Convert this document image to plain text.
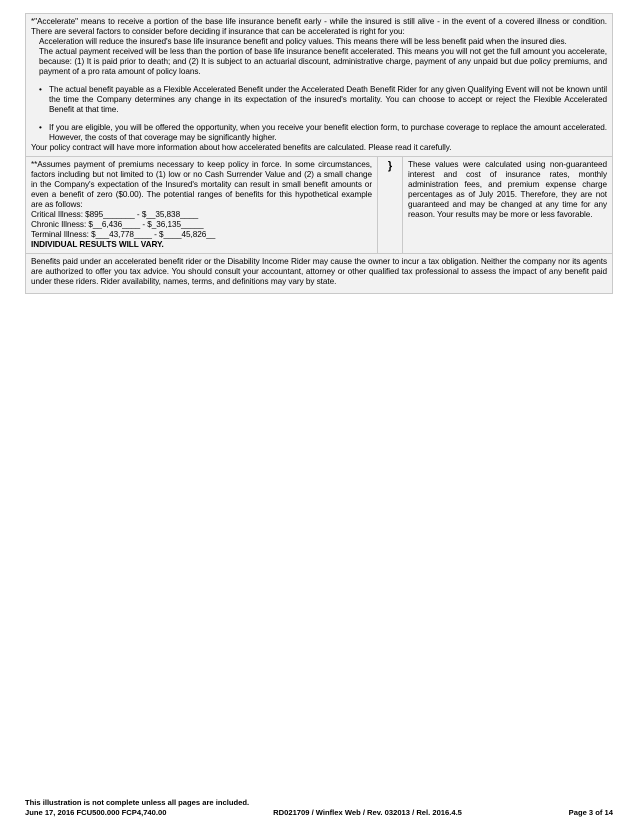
*"Accelerate" means to receive a portion of the base life insurance benefit early - while the insured is still alive - in the event of a covered illness or condition. There are several factors to consider before deciding if insurance that can be accelerated is right for you:
Acceleration will reduce the insured's base life insurance benefit and policy values. This means there will be less benefit paid when the insured dies.
The actual payment received will be less than the portion of base life insurance benefit accelerated. This means you will not get the full amount you accelerate, because: (1) It is paid prior to death; and (2) It is subject to an actuarial discount, administrative charge, payment of any unpaid but due policy premiums, and payment of a pro rata amount of policy loans.
• The actual benefit payable as a Flexible Accelerated Benefit under the Accelerated Death Benefit Rider for any given Qualifying Event will not be known until the time the Company determines any change in its expectation of the insured's mortality. You can choose to accept or reject the Flexible Accelerated Benefit at that time.
• If you are eligible, you will be offered the opportunity, when you receive your benefit election form, to purchase coverage to replace the amount accelerated. However, the costs of that coverage may be significantly higher.
Your policy contract will have more information about how accelerated benefits are calculated. Please read it carefully.
**Assumes payment of premiums necessary to keep policy in force. In some circumstances, factors including but not limited to (1) low or no Cash Surrender Value and (2) a small change in the Company's expectation of the Insured's mortality can result in small benefit amounts or even a benefit of zero ($0.00). The potential ranges of benefits for this hypothetical example are as follows:
Critical Illness: $895_______ - $__35,838____
Chronic Illness: $__6,436____ - $_36,135_____
Terminal Illness: $___43,778____ - $____45,826__
INDIVIDUAL RESULTS WILL VARY.
}	These values were calculated using non-guaranteed interest and cost of insurance rates, monthly administration fees, and premium expense charge percentages as of July 2015. Therefore, they are not guaranteed and may be changed at any time for any reason. Your results may be more or less favorable.
Benefits paid under an accelerated benefit rider or the Disability Income Rider may cause the owner to incur a tax obligation. Neither the company nor its agents are authorized to offer you tax advice. You should consult your accountant, attorney or other qualified tax professional to assess the impact of any benefit paid under these riders. Rider availability, names, terms, and definitions may vary by state.
This illustration is not complete unless all pages are included.
June 17, 2016 FCU500.000 FCP4,740.00	RD021709 / Winflex Web / Rev. 032013 / Rel. 2016.4.5	Page 3 of 14
